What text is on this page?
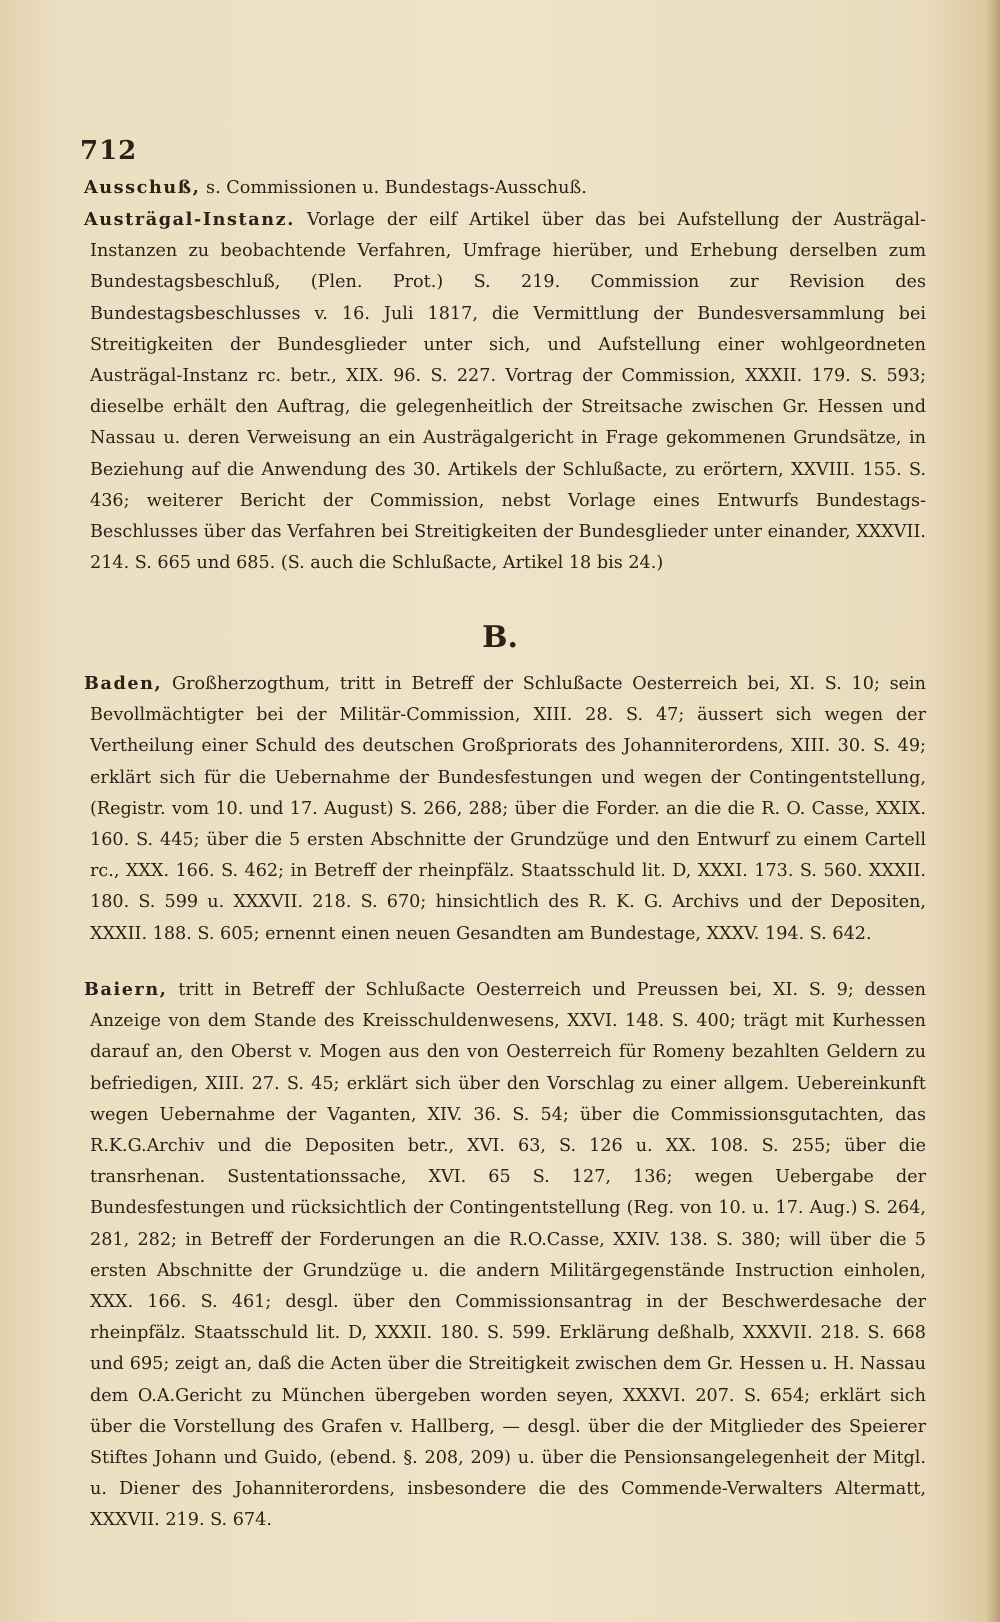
712
Ausschuß, s. Commissionen u. Bundestags-Ausschuß.
Austrägal-Instanz. Vorlage der eilf Artikel über das bei Aufstellung der Austrägal-Instanzen zu beobachtende Verfahren, Umfrage hierüber, und Erhebung derselben zum Bundestagsbeschluß, (Plen. Prot.) S. 219. Commission zur Revision des Bundestagsbeschlusses v. 16. Juli 1817, die Vermittlung der Bundesversammlung bei Streitigkeiten der Bundesglieder unter sich, und Aufstellung einer wohlgeordneten Austrägal-Instanz rc. betr., XIX. 96. S. 227. Vortrag der Commission, XXXII. 179. S. 593; dieselbe erhält den Auftrag, die gelegenheitlich der Streitsache zwischen Gr. Hessen und Nassau u. deren Verweisung an ein Austrägalgericht in Frage gekommenen Grundsätze, in Beziehung auf die Anwendung des 30. Artikels der Schlußacte, zu erörtern, XXVIII. 155. S. 436; weiterer Bericht der Commission, nebst Vorlage eines Entwurfs Bundestags-Beschlusses über das Verfahren bei Streitigkeiten der Bundesglieder unter einander, XXXVII. 214. S. 665 und 685. (S. auch die Schlußacte, Artikel 18 bis 24.)
B.
Baden, Großherzogthum, tritt in Betreff der Schlußacte Oesterreich bei, XI. S. 10; sein Bevollmächtigter bei der Militär-Commission, XIII. 28. S. 47; äussert sich wegen der Vertheilung einer Schuld des deutschen Großpriorats des Johanniterordens, XIII. 30. S. 49; erklärt sich für die Uebernahme der Bundesfestungen und wegen der Contingentstellung, (Registr. vom 10. und 17. August) S. 266, 288; über die Forder. an die die R. O. Casse, XXIX. 160. S. 445; über die 5 ersten Abschnitte der Grundzüge und den Entwurf zu einem Cartell rc., XXX. 166. S. 462; in Betreff der rheinpfälz. Staatsschuld lit. D, XXXI. 173. S. 560. XXXII. 180. S. 599 u. XXXVII. 218. S. 670; hinsichtlich des R. K. G. Archivs und der Depositen, XXXII. 188. S. 605; ernennt einen neuen Gesandten am Bundestage, XXXV. 194. S. 642.
Baiern, tritt in Betreff der Schlußacte Oesterreich und Preussen bei, XI. S. 9; dessen Anzeige von dem Stande des Kreisschuldenwesens, XXVI. 148. S. 400; trägt mit Kurhessen darauf an, den Oberst v. Mogen aus den von Oesterreich für Romeny bezahlten Geldern zu befriedigen, XIII. 27. S. 45; erklärt sich über den Vorschlag zu einer allgem. Uebereinkunft wegen Uebernahme der Vaganten, XIV. 36. S. 54; über die Commissionsgutachten, das R.K.G.Archiv und die Depositen betr., XVI. 63, S. 126 u. XX. 108. S. 255; über die transrhenan. Sustentationssache, XVI. 65 S. 127, 136; wegen Uebergabe der Bundesfestungen und rücksichtlich der Contingentstellung (Reg. von 10. u. 17. Aug.) S. 264, 281, 282; in Betreff der Forderungen an die R.O.Casse, XXIV. 138. S. 380; will über die 5 ersten Abschnitte der Grundzüge u. die andern Militärgegenstände Instruction einholen, XXX. 166. S. 461; desgl. über den Commissionsantrag in der Beschwerdesache der rheinpfälz. Staatsschuld lit. D, XXXII. 180. S. 599. Erklärung deßhalb, XXXVII. 218. S. 668 und 695; zeigt an, daß die Acten über die Streitigkeit zwischen dem Gr. Hessen u. H. Nassau dem O.A.Gericht zu München übergeben worden seyen, XXXVI. 207. S. 654; erklärt sich über die Vorstellung des Grafen v. Hallberg, — desgl. über die der Mitglieder des Speierer Stiftes Johann und Guido, (ebend. §. 208, 209) u. über die Pensionsangelegenheit der Mitgl. u. Diener des Johanniterordens, insbesondere die des Commende-Verwalters Altermatt, XXXVII. 219. S. 674.
